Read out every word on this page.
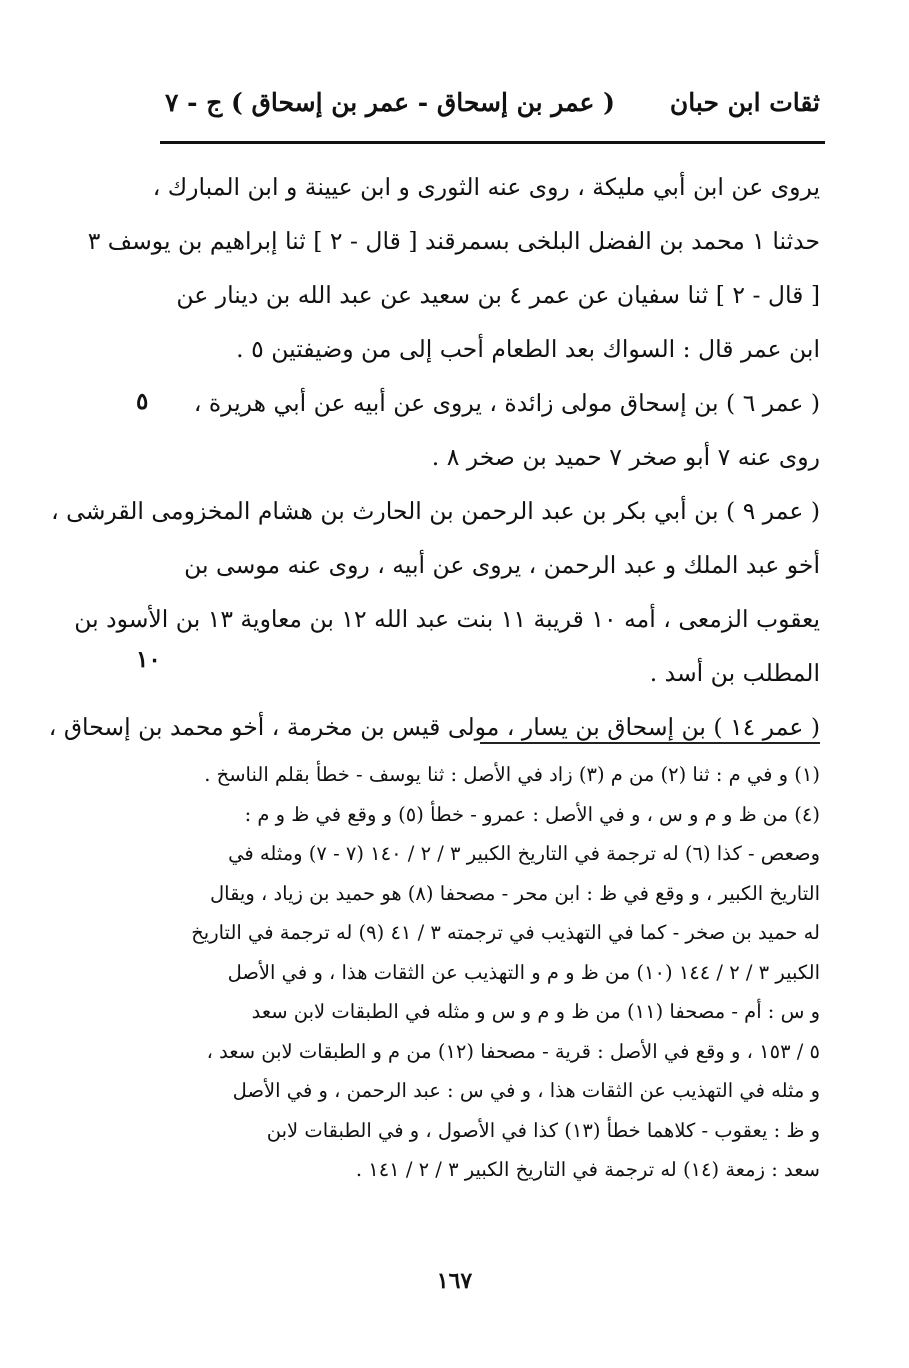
ثقات ابن حبان
( عمر بن إسحاق - عمر بن إسحاق )
ج - ٧
يروى عن ابن أبي مليكة ، روى عنه الثورى و ابن عيينة و ابن المبارك ،
حدثنا ١ محمد بن الفضل البلخى بسمرقند [ قال - ٢ ] ثنا إبراهيم بن يوسف ٣
[ قال - ٢ ] ثنا سفيان عن عمر ٤ بن سعيد عن عبد الله بن دينار عن
ابن عمر قال : السواك بعد الطعام أحب إلى من وضيفتين ٥ .
( عمر ٦ ) بن إسحاق مولى زائدة ، يروى عن أبيه عن أبي هريرة ،
روى عنه ٧ أبو صخر ٧ حميد بن صخر ٨ .
( عمر ٩ ) بن أبي بكر بن عبد الرحمن بن الحارث بن هشام المخزومى القرشى ،
أخو عبد الملك و عبد الرحمن ، يروى عن أبيه ، روى عنه موسى بن
يعقوب الزمعى ، أمه ١٠ قريبة ١١ بنت عبد الله ١٢ بن معاوية ١٣ بن الأسود بن
المطلب بن أسد .
( عمر ١٤ ) بن إسحاق بن يسار ، مولى قيس بن مخرمة ، أخو محمد بن إسحاق ،
٥
١٠
(١) و في م : ثنا (٢) من م (٣) زاد في الأصل : ثنا يوسف - خطأ بقلم الناسخ .
(٤) من ظ و م و س ، و في الأصل : عمرو - خطأ (٥) و وقع في ظ و م :
وصعص - كذا (٦) له ترجمة في التاريخ الكبير ٣ / ٢ / ١٤٠ (٧ - ٧) ومثله في
التاريخ الكبير ، و وقع في ظ : ابن محر - مصحفا (٨) هو حميد بن زياد ، ويقال
له حميد بن صخر - كما في التهذيب في ترجمته ٣ / ٤١ (٩) له ترجمة في التاريخ
الكبير ٣ / ٢ / ١٤٤ (١٠) من ظ و م و التهذيب عن الثقات هذا ، و في الأصل
و س : أم - مصحفا (١١) من ظ و م و س و مثله في الطبقات لابن سعد
٥ / ١٥٣ ، و وقع في الأصل : قرية - مصحفا (١٢) من م و الطبقات لابن سعد ،
و مثله في التهذيب عن الثقات هذا ، و في س : عبد الرحمن ، و في الأصل
و ظ : يعقوب - كلاهما خطأ (١٣) كذا في الأصول ، و في الطبقات لابن
سعد : زمعة (١٤) له ترجمة في التاريخ الكبير ٣ / ٢ / ١٤١ .
١٦٧
